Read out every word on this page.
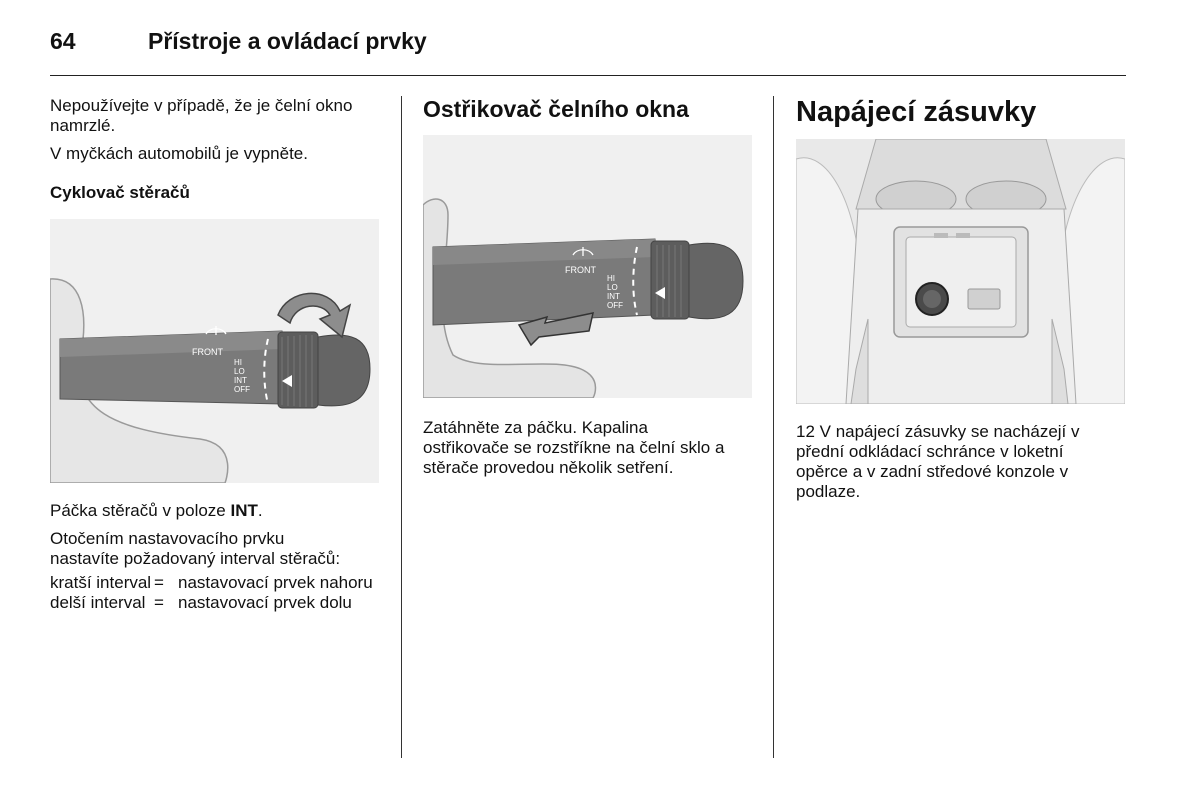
64	Přístroje a ovládací prvky

Nepoužívejte v případě, že je čelní okno namrzlé.

V myčkách automobilů je vypněte.

Cyklovač stěračů
FRONT
HI
LO
INT
OFF

Páčka stěračů v poloze INT.

Otočením nastavovacího prvku nastavíte požadovaný interval stěračů:

kratší interval	=	nastavovací prvek nahoru
delší interval	=	nastavovací prvek dolu
Ostřikovač čelního okna
FRONT
HI
LO
INT
OFF

Zatáhněte za páčku. Kapalina ostřikovače se rozstříkne na čelní sklo a stěrače provedou několik setření.

Napájecí zásuvky

12 V napájecí zásuvky se nacházejí v přední odkládací schránce v loketní opěrce a v zadní středové konzole v podlaze.
